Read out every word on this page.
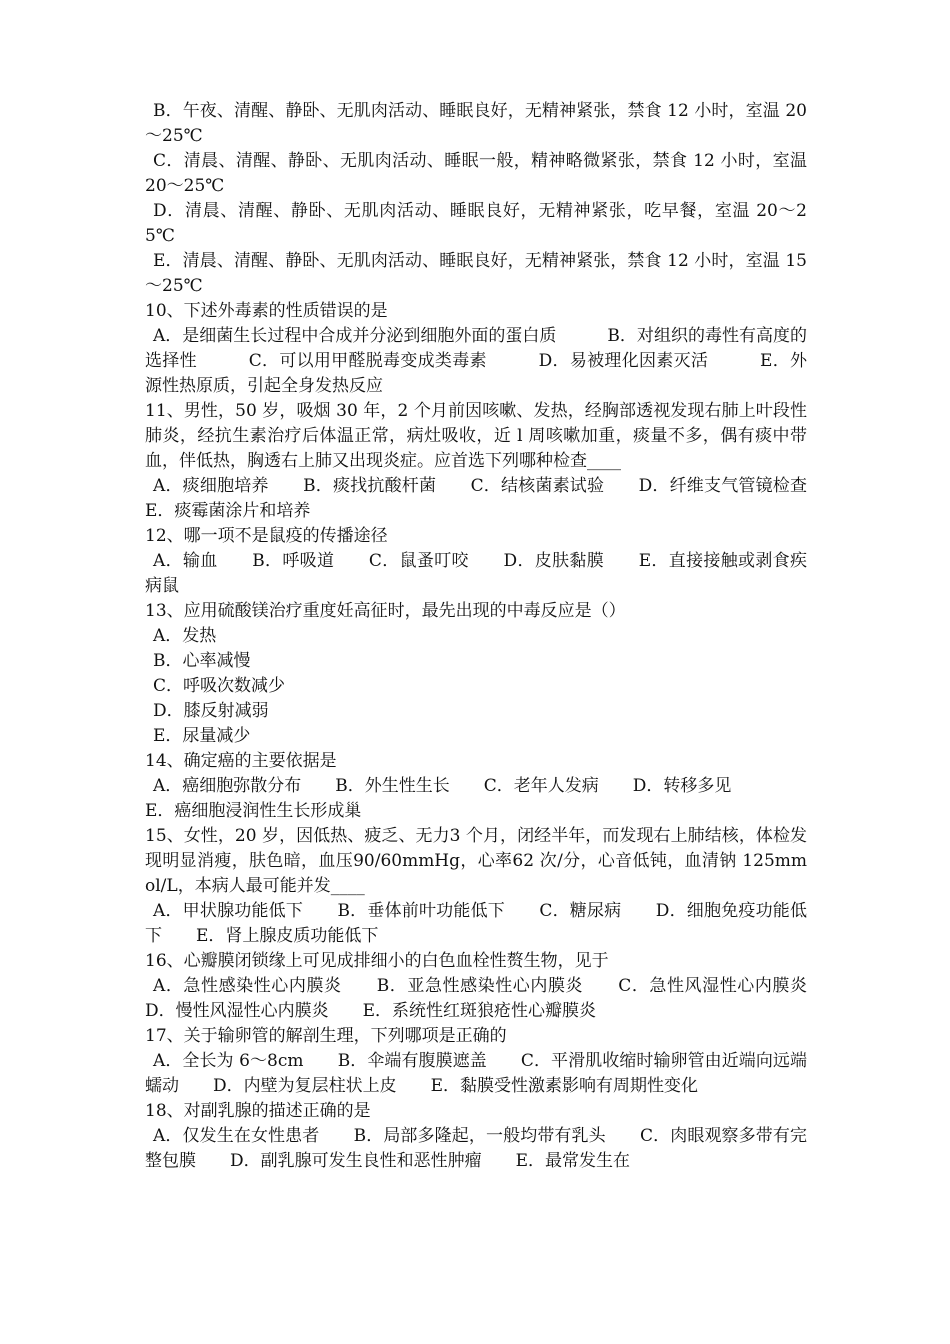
B．午夜、清醒、静卧、无肌肉活动、睡眠良好，无精神紧张，禁食 12 小时，室温 20～25℃

C．清晨、清醒、静卧、无肌肉活动、睡眠一般，精神略微紧张，禁食 12 小时，室温 20～25℃

D．清晨、清醒、静卧、无肌肉活动、睡眠良好，无精神紧张，吃早餐，室温 20～25℃

E．清晨、清醒、静卧、无肌肉活动、睡眠良好，无精神紧张，禁食 12 小时，室温 15～25℃

10、下述外毒素的性质错误的是

A．是细菌生长过程中合成并分泌到细胞外面的蛋白质　　　B．对组织的毒性有高度的选择性　　　C．可以用甲醛脱毒变成类毒素　　　D．易被理化因素灭活　　　E．外源性热原质，引起全身发热反应

11、男性，50 岁，吸烟 30 年，2 个月前因咳嗽、发热，经胸部透视发现右肺上叶段性肺炎，经抗生素治疗后体温正常，病灶吸收，近 l 周咳嗽加重，痰量不多，偶有痰中带血，伴低热，胸透右上肺又出现炎症。应首选下列哪种检查____

A．痰细胞培养　　B．痰找抗酸杆菌　　C．结核菌素试验　　D．纤维支气管镜检查　　E．痰霉菌涂片和培养

12、哪一项不是鼠疫的传播途径

A．输血　　B．呼吸道　　C．鼠蚤叮咬　　D．皮肤黏膜　　E．直接接触或剥食疾病鼠

13、应用硫酸镁治疗重度妊高征时，最先出现的中毒反应是（）

A．发热

B．心率减慢

C．呼吸次数减少

D．膝反射减弱

E．尿量减少

14、确定癌的主要依据是

A．癌细胞弥散分布　　B．外生性生长　　C．老年人发病　　D．转移多见

E．癌细胞浸润性生长形成巢

15、女性，20 岁，因低热、疲乏、无力3 个月，闭经半年，而发现右上肺结核，体检发现明显消瘦，肤色暗，血压90/60mmHg，心率62 次/分，心音低钝，血清钠 125mmol/L，本病人最可能并发____

A．甲状腺功能低下　　B．垂体前叶功能低下　　C．糖尿病　　D．细胞免疫功能低下　　E．肾上腺皮质功能低下

16、心瓣膜闭锁缘上可见成排细小的白色血栓性赘生物，见于

A．急性感染性心内膜炎　　B．亚急性感染性心内膜炎　　C．急性风湿性心内膜炎　　D．慢性风湿性心内膜炎　　E．系统性红斑狼疮性心瓣膜炎

17、关于输卵管的解剖生理，下列哪项是正确的

A．全长为 6～8cm　　B．伞端有腹膜遮盖　　C．平滑肌收缩时输卵管由近端向远端蠕动　　D．内壁为复层柱状上皮　　E．黏膜受性激素影响有周期性变化

18、对副乳腺的描述正确的是

A．仅发生在女性患者　　B．局部多隆起，一般均带有乳头　　C．肉眼观察多带有完整包膜　　D．副乳腺可发生良性和恶性肿瘤　　E．最常发生在
